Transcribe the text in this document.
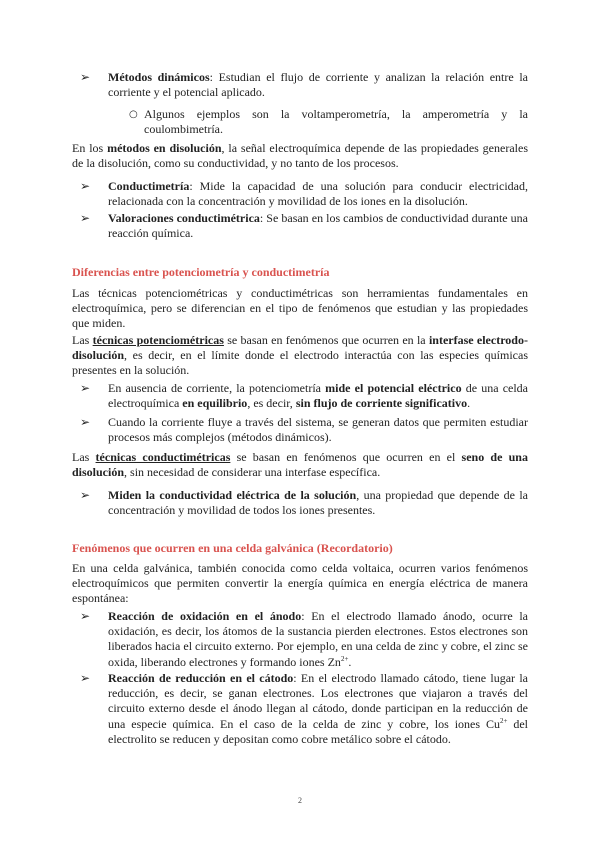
➢ Métodos dinámicos: Estudian el flujo de corriente y analizan la relación entre la corriente y el potencial aplicado.

○ Algunos ejemplos son la voltamperometría, la amperometría y la coulombimetría.

En los métodos en disolución, la señal electroquímica depende de las propiedades generales de la disolución, como su conductividad, y no tanto de los procesos.

➢ Conductimetría: Mide la capacidad de una solución para conducir electricidad, relacionada con la concentración y movilidad de los iones en la disolución.

➢ Valoraciones conductimétrica: Se basan en los cambios de conductividad durante una reacción química.

Diferencias entre potenciometría y conductimetría

Las técnicas potenciométricas y conductimétricas son herramientas fundamentales en electroquímica, pero se diferencian en el tipo de fenómenos que estudian y las propiedades que miden.

Las técnicas potenciométricas se basan en fenómenos que ocurren en la interfase electrodo-disolución, es decir, en el límite donde el electrodo interactúa con las especies químicas presentes en la solución.

➢ En ausencia de corriente, la potenciometría mide el potencial eléctrico de una celda electroquímica en equilibrio, es decir, sin flujo de corriente significativo.

➢ Cuando la corriente fluye a través del sistema, se generan datos que permiten estudiar procesos más complejos (métodos dinámicos).

Las técnicas conductimétricas se basan en fenómenos que ocurren en el seno de una disolución, sin necesidad de considerar una interfase específica.

➢ Miden la conductividad eléctrica de la solución, una propiedad que depende de la concentración y movilidad de todos los iones presentes.

Fenómenos que ocurren en una celda galvánica (Recordatorio)

En una celda galvánica, también conocida como celda voltaica, ocurren varios fenómenos electroquímicos que permiten convertir la energía química en energía eléctrica de manera espontánea:

➢ Reacción de oxidación en el ánodo: En el electrodo llamado ánodo, ocurre la oxidación, es decir, los átomos de la sustancia pierden electrones. Estos electrones son liberados hacia el circuito externo. Por ejemplo, en una celda de zinc y cobre, el zinc se oxida, liberando electrones y formando iones $Zn^{2+}$.

➢ Reacción de reducción en el cátodo: En el electrodo llamado cátodo, tiene lugar la reducción, es decir, se ganan electrones. Los electrones que viajaron a través del circuito externo desde el ánodo llegan al cátodo, donde participan en la reducción de una especie química. En el caso de la celda de zinc y cobre, los iones $Cu^{2+}$ del electrolito se reducen y depositan como cobre metálico sobre el cátodo.

2
